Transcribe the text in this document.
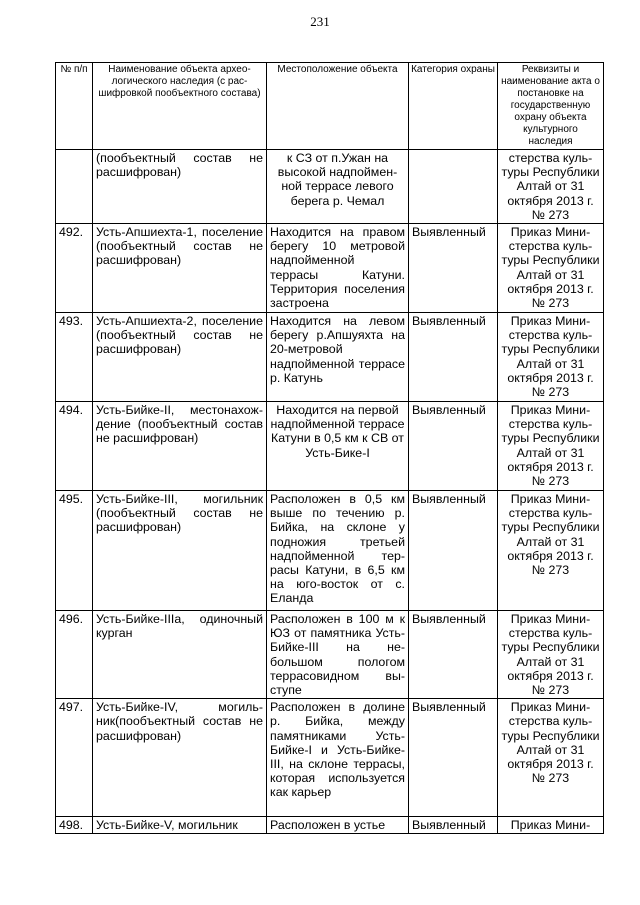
231
№ п/п	Наименование объекта археологического наследия (с расшифровкой пообъектного состава)	Местоположение объекта	Категория охраны	Реквизиты и наименование акта о постановке на государственную охрану объекта культурного наследия
	(пообъектный состав не расшифрован)	к СЗ от п.Ужан на высокой надпойменной террасе левого берега р. Чемал		стерства культуры Республики Алтай от 31 октября 2013 г. № 273
492.	Усть-Апшиехта-1, поселение (пообъектный состав не расшифрован)	Находится на правом берегу 10 метровой надпойменной террасы Катуни. Территория поселения застроена	Выявленный	Приказ Министерства культуры Республики Алтай от 31 октября 2013 г. № 273
493.	Усть-Апшиехта-2, поселение (пообъектный состав не расшифрован)	Находится на левом берегу р.Апшуяхта на 20-метровой надпойменной террасе р. Катунь	Выявленный	Приказ Министерства культуры Республики Алтай от 31 октября 2013 г. № 273
494.	Усть-Бийке-II, местонахождение (пообъектный состав не расшифрован)	Находится на первой надпойменной террасе Катуни в 0,5 км к СВ от Усть-Бике-I	Выявленный	Приказ Министерства культуры Республики Алтай от 31 октября 2013 г. № 273
495.	Усть-Бийке-III, могильник (пообъектный состав не расшифрован)	Расположен в 0,5 км выше по течению р. Бийка, на склоне у подножия третьей надпойменной террасы Катуни, в 6,5 км на юго-восток от с. Еланда	Выявленный	Приказ Министерства культуры Республики Алтай от 31 октября 2013 г. № 273
496.	Усть-Бийке-IIIа, одиночный курган	Расположен в 100 м к ЮЗ от памятника Усть-Бийке-III на небольшом пологом террасовидном выступе	Выявленный	Приказ Министерства культуры Республики Алтай от 31 октября 2013 г. № 273
497.	Усть-Бийке-IV, могильник(пообъектный состав не расшифрован)	Расположен в долине р. Бийка, между памятниками Усть-Бийке-I и Усть-Бийке-III, на склоне террасы, которая используется как карьер	Выявленный	Приказ Министерства культуры Республики Алтай от 31 октября 2013 г. № 273
498.	Усть-Бийке-V, могильник	Расположен в устье	Выявленный	Приказ Мини-
